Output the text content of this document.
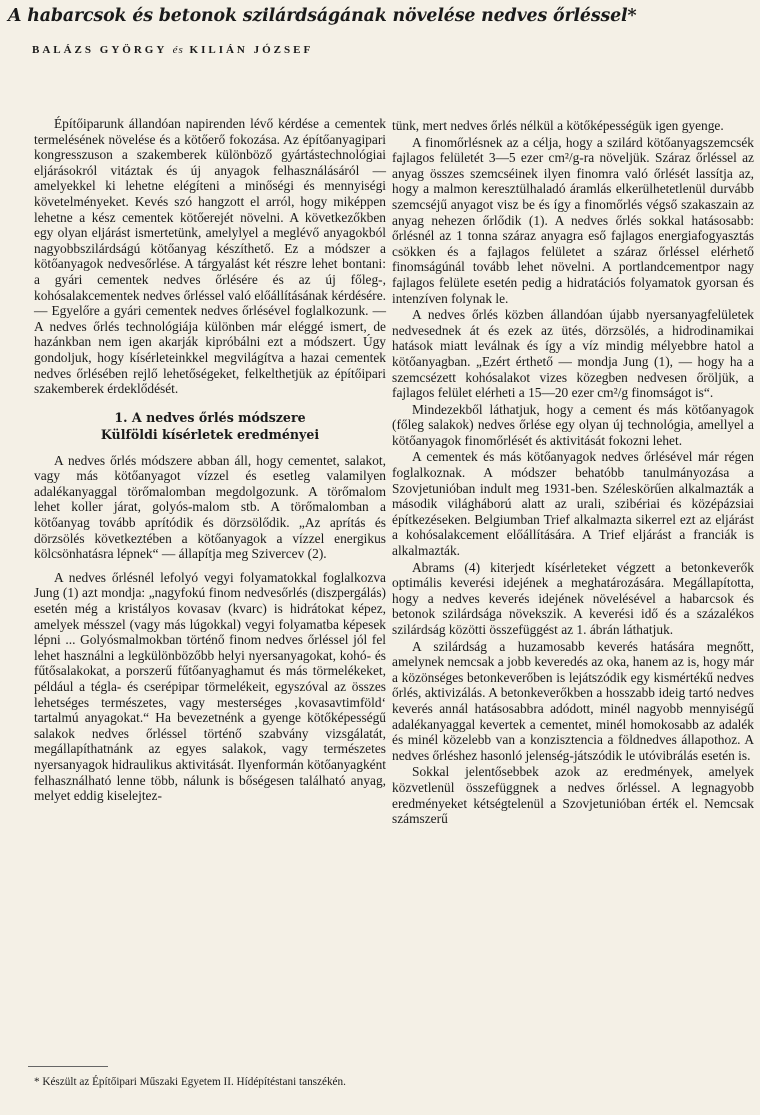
A habarcsok és betonok szilárdságának növelése nedves őrléssel*
BALÁZS GYÖRGY és KILIÁN JÓZSEF

Építőiparunk állandóan napirenden lévő kérdése a cementek termelésének növelése és a kötőerő fokozása. Az építőanyagipari kongresszuson a szakemberek különböző gyártástechnológiai eljárásokról vitáztak és új anyagok felhasználásáról — amelyekkel ki lehetne elégíteni a minőségi és mennyiségi követelményeket. Kevés szó hangzott el arról, hogy miképpen lehetne a kész cementek kötőerejét növelni. A következőkben egy olyan eljárást ismertetünk, amelylyel a meglévő anyagokból nagyobbszilárdságú kötőanyag készíthető. Ez a módszer a kötőanyagok nedvesőrlése. A tárgyalást két részre lehet bontani: a gyári cementek nedves őrlésére és az új főleg-, kohósalakcementek nedves őrléssel való előállításának kérdésére. — Egyelőre a gyári cementek nedves őrlésével foglalkozunk. — A nedves őrlés technológiája különben már eléggé ismert, de hazánkban nem igen akarják kipróbálni ezt a módszert. Úgy gondoljuk, hogy kísérleteinkkel megvilágítva a hazai cementek nedves őrlésében rejlő lehetőségeket, felkelthetjük az építőipari szakemberek érdeklődését.

1. A nedves őrlés módszere
Külföldi kísérletek eredményei

A nedves őrlés módszere abban áll, hogy cementet, salakot, vagy más kötőanyagot vízzel és esetleg valamilyen adalékanyaggal törőmalomban megdolgozunk. A törőmalom lehet koller járat, golyós-malom stb. A törőmalomban a kötőanyag tovább aprítódik és dörzsölődik. „Az aprítás és dörzsölés következtében a kötőanyagok a vízzel energikus kölcsönhatásra lépnek“ — állapítja meg Szivercev (2).

A nedves őrlésnél lefolyó vegyi folyamatokkal foglalkozva Jung (1) azt mondja: „nagyfokú finom nedvesőrlés (diszpergálás) esetén még a kristályos kovasav (kvarc) is hidrátokat képez, amelyek mésszel (vagy más lúgokkal) vegyi folyamatba képesek lépni ... Golyósmalmokban történő finom nedves őrléssel jól fel lehet használni a legkülönbözőbb helyi nyersanyagokat, kohó- és fűtősalakokat, a porszerű fűtőanyaghamut és más törmelékeket, például a tégla- és cserépipar törmelékeit, egyszóval az összes lehetséges természetes, vagy mesterséges ‚kovasavtimföld‘ tartalmú anyagokat.“ Ha bevezetnénk a gyenge kötőképességű salakok nedves őrléssel történő szabvány vizsgálatát, megállapíthatnánk az egyes salakok, vagy természetes nyersanyagok hidraulikus aktivitását. Ilyenformán kötőanyagként felhasználható lenne több, nálunk is bőségesen található anyag, melyet eddig kiselejtez-

tünk, mert nedves őrlés nélkül a kötőképességük igen gyenge.

A finomőrlésnek az a célja, hogy a szilárd kötőanyagszemcsék fajlagos felületét 3—5 ezer cm²/g-ra növeljük. Száraz őrléssel az anyag összes szemcséinek ilyen finomra való őrlését lassítja az, hogy a malmon keresztülhaladó áramlás elkerülhetetlenül durvább szemcséjű anyagot visz be és így a finomőrlés végső szakaszain az anyag nehezen őrlődik (1). A nedves őrlés sokkal hatásosabb: őrlésnél az 1 tonna száraz anyagra eső fajlagos energiafogyasztás csökken és a fajlagos felületet a száraz őrléssel elérhető finomságúnál tovább lehet növelni. A portlandcementpor nagy fajlagos felülete esetén pedig a hidratációs folyamatok gyorsan és intenzíven folynak le.

A nedves őrlés közben állandóan újabb nyersanyagfelületek nedvesednek át és ezek az ütés, dörzsölés, a hidrodinamikai hatások miatt leválnak és így a víz mindig mélyebbre hatol a kötőanyagban. „Ezért érthető — mondja Jung (1), — hogy ha a szemcsézett kohósalakot vizes közegben nedvesen őröljük, a fajlagos felület elérheti a 15—20 ezer cm²/g finomságot is“.

Mindezekből láthatjuk, hogy a cement és más kötőanyagok (főleg salakok) nedves őrlése egy olyan új technológia, amellyel a kötőanyagok finomőrlését és aktivitását fokozni lehet.

A cementek és más kötőanyagok nedves őrlésével már régen foglalkoznak. A módszer behatóbb tanulmányozása a Szovjetunióban indult meg 1931-ben. Széleskörűen alkalmazták a második világháború alatt az urali, szibériai és középázsiai építkezéseken. Belgiumban Trief alkalmazta sikerrel ezt az eljárást a kohósalakcement előállítására. A Trief eljárást a franciák is alkalmazták.

Abrams (4) kiterjedt kísérleteket végzett a betonkeverők optimális keverési idejének a meghatározására. Megállapította, hogy a nedves keverés idejének növelésével a habarcsok és betonok szilárdsága növekszik. A keverési idő és a százalékos szilárdság közötti összefüggést az 1. ábrán láthatjuk.

A szilárdság a huzamosabb keverés hatására megnőtt, amelynek nemcsak a jobb keveredés az oka, hanem az is, hogy már a közönséges betonkeverőben is lejátszódik egy kismértékű nedves őrlés, aktivizálás. A betonkeverőkben a hosszabb ideig tartó nedves keverés annál hatásosabbra adódott, minél nagyobb mennyiségű adalékanyaggal kevertek a cementet, minél homokosabb az adalék és minél közelebb van a konzisztencia a földnedves állapothoz. A nedves őrléshez hasonló jelenség-játszódik le utóvibrálás esetén is.

Sokkal jelentősebbek azok az eredmények, amelyek közvetlenül összefüggnek a nedves őrléssel. A legnagyobb eredményeket kétségtelenül a Szovjetunióban érték el. Nemcsak számszerű

* Készült az Építőipari Műszaki Egyetem II. Hídépítéstani tanszékén.
